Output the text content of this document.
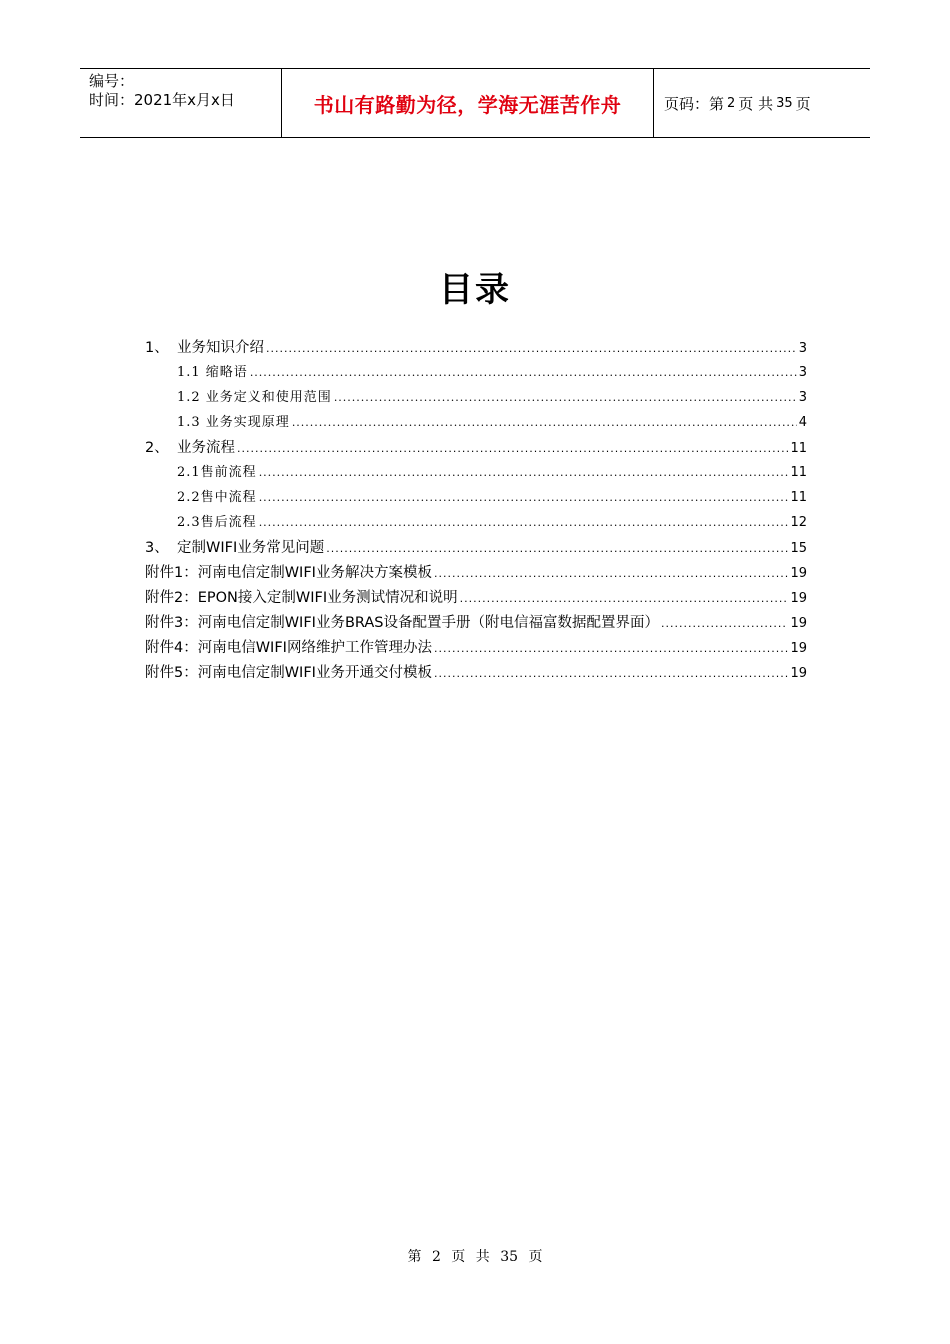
编号：
时间：2021年x月x日	书山有路勤为径，学海无涯苦作舟	页码：第 2 页 共 35 页
目录
1、 业务知识介绍 .....	3
1.1 缩略语 .....	3
1.2 业务定义和使用范围 .....	3
1.3 业务实现原理 .....	4
2、 业务流程 .....	11
2.1售前流程 .....	11
2.2售中流程 .....	11
2.3售后流程 .....	12
3、 定制WIFI业务常见问题 .....	15
附件1：河南电信定制WIFI业务解决方案模板 .....	19
附件2：EPON接入定制WIFI业务测试情况和说明 .....	19
附件3：河南电信定制WIFI业务BRAS设备配置手册（附电信福富数据配置界面） .....	19
附件4：河南电信WIFI网络维护工作管理办法 .....	19
附件5：河南电信定制WIFI业务开通交付模板 .....	19
第 2 页 共 35 页
